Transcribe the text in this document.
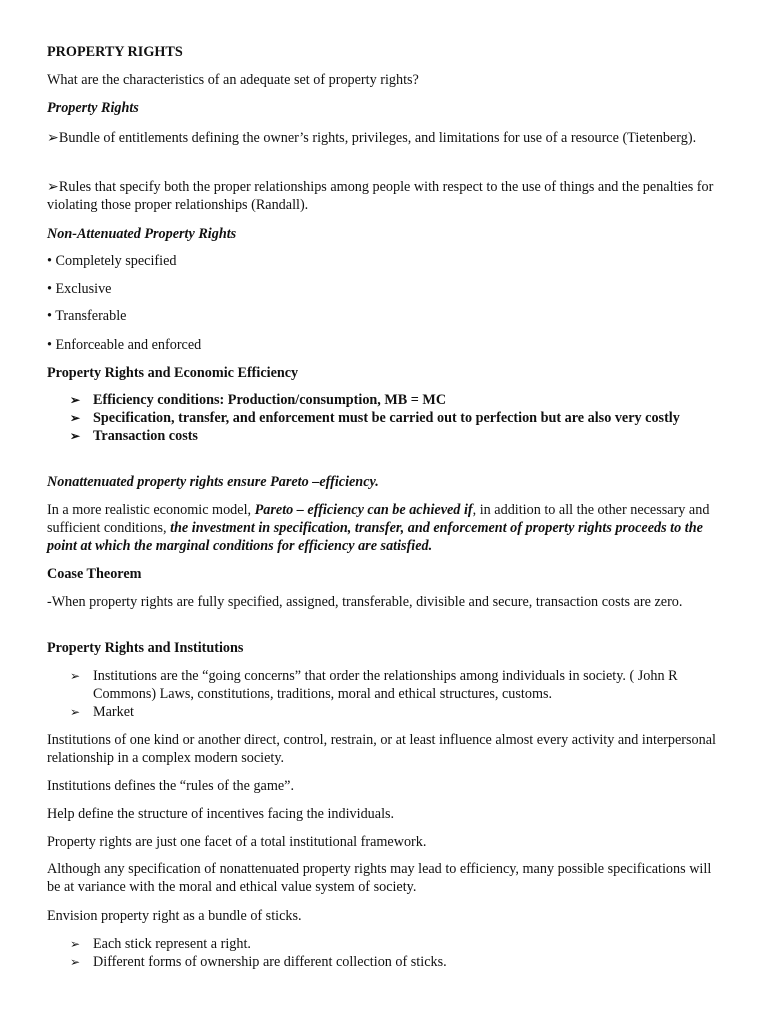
PROPERTY RIGHTS

What are the characteristics of an adequate set of property rights?

Property Rights

➢Bundle of entitlements defining the owner’s rights, privileges, and limitations for use of a resource (Tietenberg).

➢Rules that specify both the proper relationships among people with respect to the use of things and the penalties for violating those proper relationships (Randall).

Non-Attenuated Property Rights

• Completely specified

• Exclusive

• Transferable

• Enforceable and enforced

Property Rights and Economic Efficiency

➢ Efficiency conditions: Production/consumption, MB = MC
➢ Specification, transfer, and enforcement must be carried out to perfection but are also very costly
➢ Transaction costs

Nonattenuated property rights ensure Pareto –efficiency.

In a more realistic economic model, Pareto – efficiency can be achieved if, in addition to all the other necessary and sufficient conditions, the investment in specification, transfer, and enforcement of property rights proceeds to the point at which the marginal conditions for efficiency are satisfied.

Coase Theorem

-When property rights are fully specified, assigned, transferable, divisible and secure, transaction costs are zero.

Property Rights and Institutions

➢ Institutions are the “going concerns” that order the relationships among individuals in society. ( John R Commons) Laws, constitutions, traditions, moral and ethical structures, customs.
➢ Market

Institutions of one kind or another direct, control, restrain, or at least influence almost every activity and interpersonal relationship in a complex modern society.

Institutions defines the “rules of the game”.

Help define the structure of incentives facing the individuals.

Property rights are just one facet of a total institutional framework.

Although any specification of nonattenuated property rights may lead to efficiency, many possible specifications will be at variance with the moral and ethical value system of society.

Envision property right as a bundle of sticks.

➢ Each stick represent a right.
➢ Different forms of ownership are different collection of sticks.
